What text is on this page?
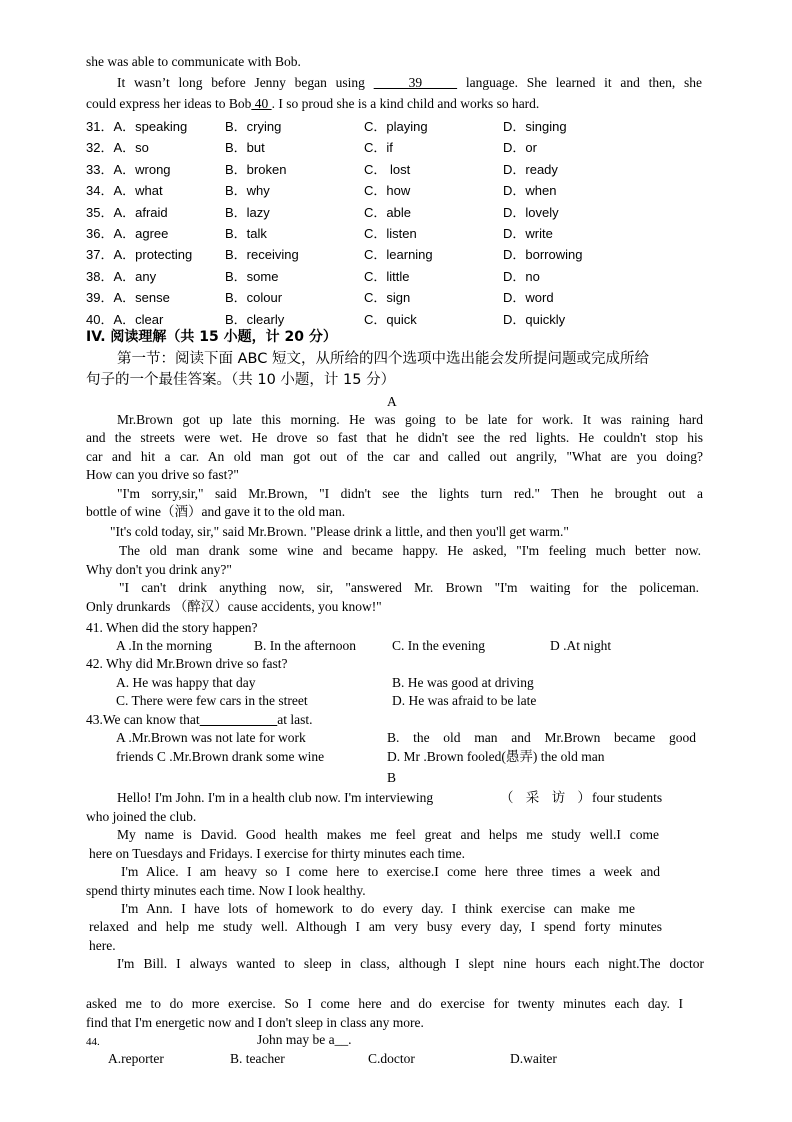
she was able to communicate with Bob.
It wasn’t long before Jenny began using     39     language. She learned it and then, she
could express her ideas to Bob 40 . I so proud she is a kind child and works so hard.
31．A．speaking	B．crying	C．playing	D．singing
32．A．so	B．but	C．if	D．or
33．A．wrong	B．broken	C． lost	D．ready
34．A．what	B．why	C．how	D．when
35．A．afraid	B．lazy	C．able	D．lovely
36．A．agree	B．talk	C．listen	D．write
37．A．protecting	B．receiving	C．learning	D．borrowing
38．A．any	B．some	C．little	D．no
39．A．sense	B．colour	C．sign	D．word
40．A．clear	B．clearly	C．quick	D．quickly
IV. 阅读理解（共 15 小题，计 20 分）
第一节：阅读下面 ABC 短文，从所给的四个选项中选出能会发所提问题或完成所给
句子的一个最佳答案。（共 10 小题，计 15 分）
A
Mr.Brown got up late this morning. He was going to be late for work. It was raining hard
and the streets were wet. He drove so fast that he didn't see the red lights. He couldn't stop his
car and hit a car. An old man got out of the car and called out angrily, "What are you doing?
How can you drive so fast?"
"I'm sorry,sir," said Mr.Brown, "I didn't see the lights turn red." Then he brought out a
bottle of wine（酒）and gave it to the old man.
"It's cold today, sir," said Mr.Brown. "Please drink a little, and then you'll get warm."
The old man drank some wine and became happy. He asked, "I'm feeling much better now.
Why don't you drink any?"
"I can't drink anything now, sir, "answered Mr. Brown "I'm waiting for the policeman.
Only drunkards （醉汉）cause accidents, you know!"
41. When did the story happen?
A .In the morning	B. In the afternoon	C. In the evening	D .At night
42. Why did Mr.Brown drive so fast?
A. He was happy that day	B. He was good at driving
C. There were few cars in the street	D. He was afraid to be late
43.We can know that	at last.
A .Mr.Brown was not late for work	B. the old man and Mr.Brown became good
friends C .Mr.Brown drank some wine	D. Mr .Brown fooled(愚弄) the old man
B
Hello! I'm John. I'm in a health club now. I'm interviewing	（ 采 访 ）
four students
who joined the club.
My name is David. Good health makes me feel great and helps me study well.I come
here on Tuesdays and Fridays. I exercise for thirty minutes each time.
I'm Alice. I am heavy so I come here to exercise.I come here three times a week and
spend thirty minutes each time. Now I look healthy.
I'm Ann. I have lots of homework to do every day. I think exercise can make me
relaxed and help me study well. Although I am very busy every day, I spend forty minutes
here.
I'm Bill. I always wanted to sleep in class, although I slept nine hours each night.The doctor
asked me to do more exercise. So I come here and do exercise for twenty minutes each day. I
find that I'm energetic now and I don't sleep in class any more.
44.	John may be a__.
A.reporter	B. teacher	C.doctor	D.waiter
